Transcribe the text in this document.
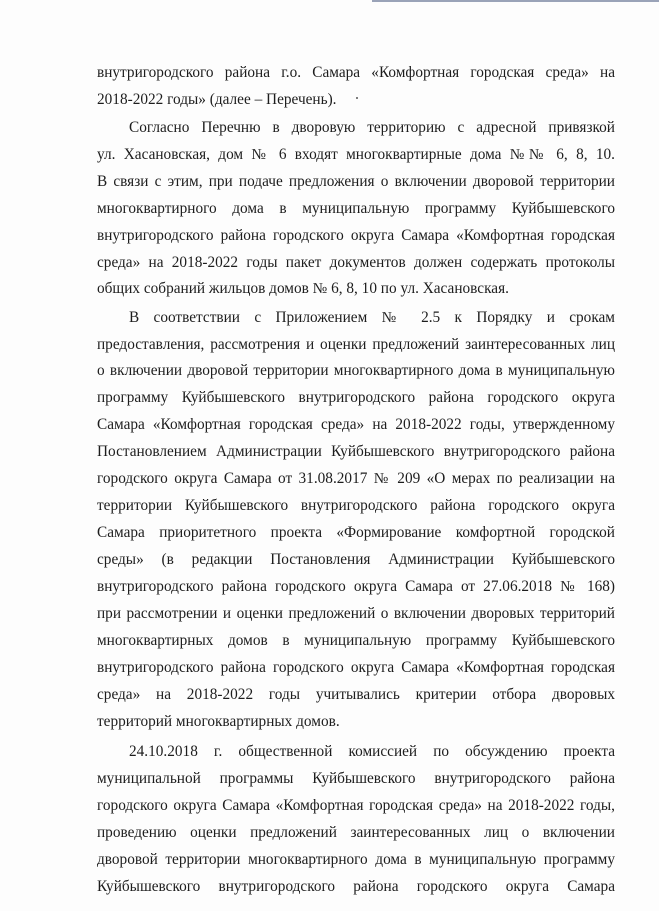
внутригородского района г.о. Самара «Комфортная городская среда» на

2018-2022 годы» (далее – Перечень).

Согласно Перечню в дворовую территорию с адресной привязкой

ул. Хасановская, дом № 6 входят многоквартирные дома №№ 6, 8, 10.

В связи с этим, при подаче предложения о включении дворовой территории

многоквартирного дома в муниципальную программу Куйбышевского

внутригородского района городского округа Самара «Комфортная городская

среда» на 2018-2022 годы пакет документов должен содержать протоколы

общих собраний жильцов домов № 6, 8, 10 по ул. Хасановская.

В соответствии с Приложением № 2.5 к Порядку и срокам

предоставления, рассмотрения и оценки предложений заинтересованных лиц

о включении дворовой территории многоквартирного дома в муниципальную

программу Куйбышевского внутригородского района городского округа

Самара «Комфортная городская среда» на 2018-2022 годы, утвержденному

Постановлением Администрации Куйбышевского внутригородского района

городского округа Самара от 31.08.2017 № 209 «О мерах по реализации на

территории Куйбышевского внутригородского района городского округа

Самара приоритетного проекта «Формирование комфортной городской

среды» (в редакции Постановления Администрации Куйбышевского

внутригородского района городского округа Самара от 27.06.2018 № 168)

при рассмотрении и оценки предложений о включении дворовых территорий

многоквартирных домов в муниципальную программу Куйбышевского

внутригородского района городского округа Самара «Комфортная городская

среда» на 2018-2022 годы учитывались критерии отбора дворовых

территорий многоквартирных домов.

24.10.2018 г. общественной комиссией по обсуждению проекта

муниципальной программы Куйбышевского внутригородского района

городского округа Самара «Комфортная городская среда» на 2018-2022 годы,

проведению оценки предложений заинтересованных лиц о включении

дворовой территории многоквартирного дома в муниципальную программу

Куйбышевского внутригородского района городского округа Самара
